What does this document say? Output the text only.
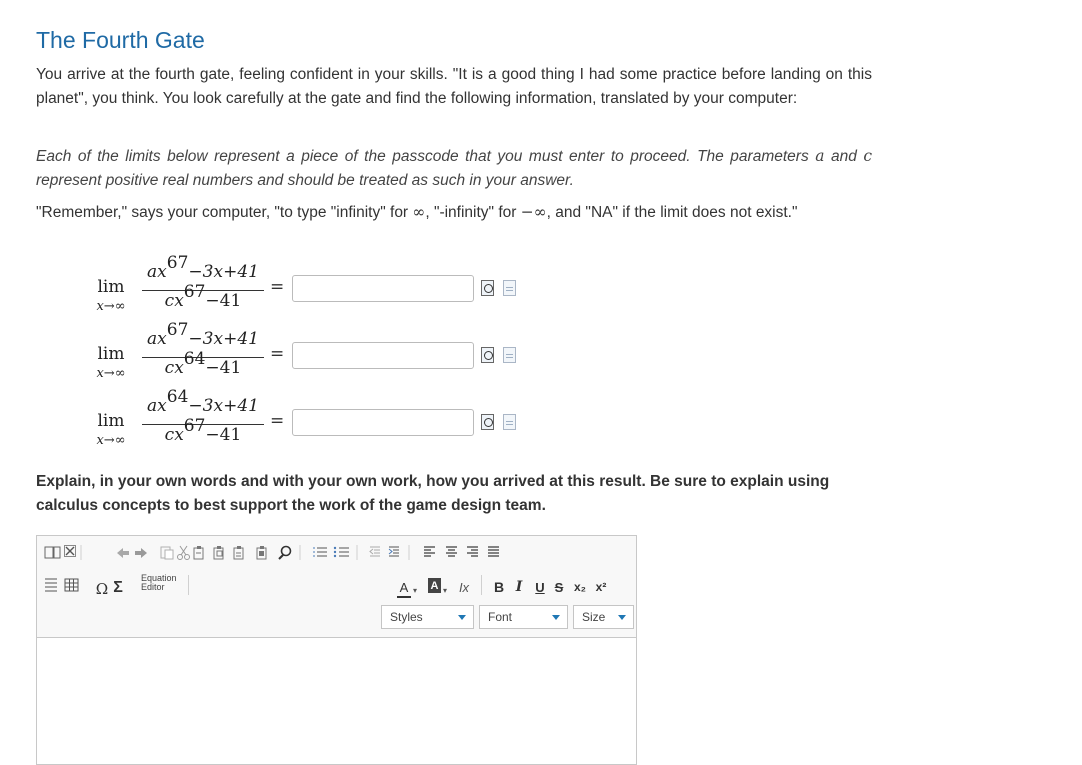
The Fourth Gate

You arrive at the fourth gate, feeling confident in your skills. "It is a good thing I had some practice before landing on this planet", you think. You look carefully at the gate and find the following information, translated by your computer:

Each of the limits below represent a piece of the passcode that you must enter to proceed. The parameters a and c represent positive real numbers and should be treated as such in your answer.

"Remember," says your computer, "to type "infinity" for ∞, "-infinity" for −∞, and "NA" if the limit does not exist."

lim
x→∞
$ax^{67}-3x+41$
$cx^{67}-41$
=
lim
x→∞
$ax^{67}-3x+41$
$cx^{64}-41$
=
lim
x→∞
$ax^{64}-3x+41$
$cx^{67}-41$
=

Explain, in your own words and with your own work, how you arrived at this result. Be sure to explain using calculus concepts to best support the work of the game design team.

Ω Σ
Equation
Editor	A ▾ A ▾ Ix B I U S x₂ x²
Styles	Font	Size
